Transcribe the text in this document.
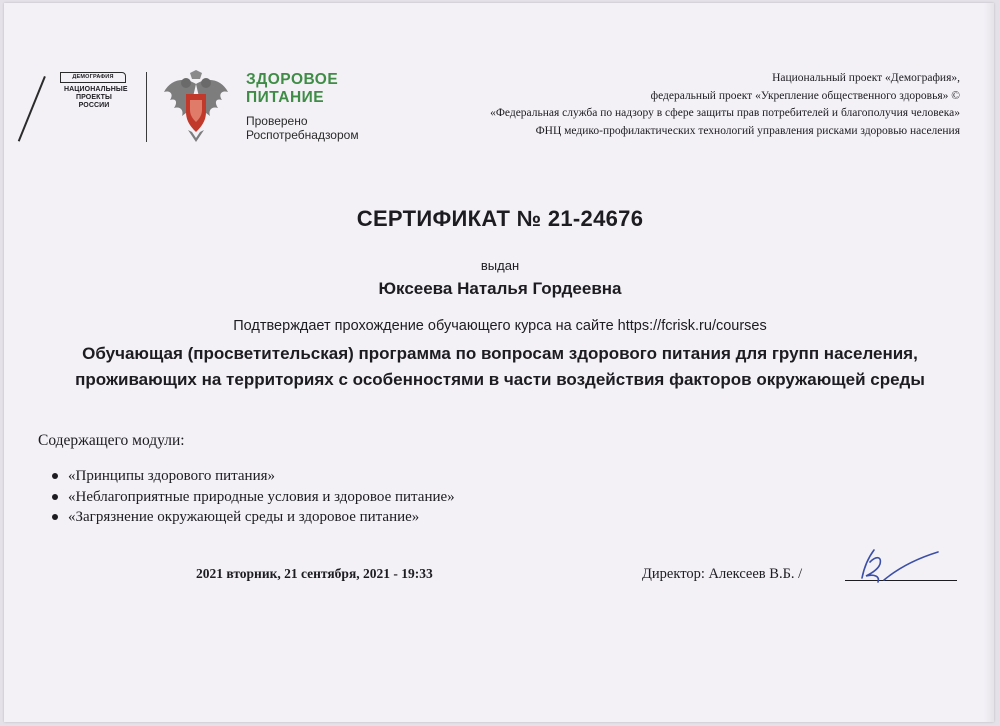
ДЕМОГРАФИЯ
НАЦИОНАЛЬНЫЕ ПРОЕКТЫ РОССИИ
ЗДОРОВОЕ
ПИТАНИЕ
Проверено
Роспотребнадзором
Национальный проект «Демография»,
федеральный проект «Укрепление общественного здоровья» ©
«Федеральная служба по надзору в сфере защиты прав потребителей и благополучия человека»
ФНЦ медико-профилактических технологий управления рисками здоровью населения
СЕРТИФИКАТ № 21-24676
выдан
Юксеева Наталья Гордеевна
Подтверждает прохождение обучающего курса на сайте https://fcrisk.ru/courses
Обучающая (просветительская) программа по вопросам здорового питания для групп населения, проживающих на территориях с особенностями в части воздействия факторов окружающей среды
Содержащего модули:
«Принципы здорового питания»
«Неблагоприятные природные условия и здоровое питание»
«Загрязнение окружающей среды и здоровое питание»
2021 вторник, 21 сентября, 2021 - 19:33	Директор: Алексеев В.Б. /
